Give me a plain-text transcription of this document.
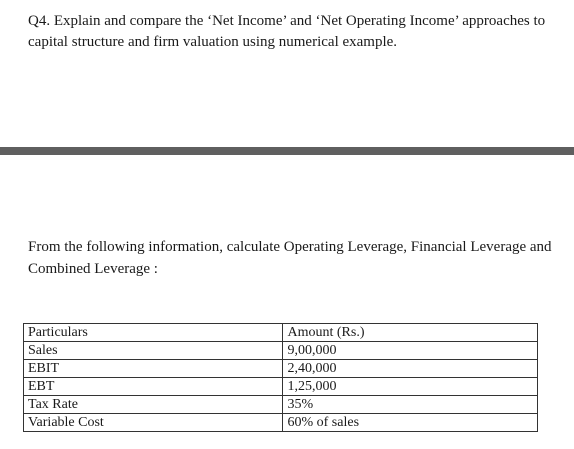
Q4. Explain and compare the ‘Net Income’ and ‘Net Operating Income’ approaches to capital structure and firm valuation using numerical example.

From the following information, calculate Operating Leverage, Financial Leverage and Combined Leverage :

Particulars	Amount (Rs.)
Sales	9,00,000
EBIT	2,40,000
EBT	1,25,000
Tax Rate	35%
Variable Cost	60% of sales
